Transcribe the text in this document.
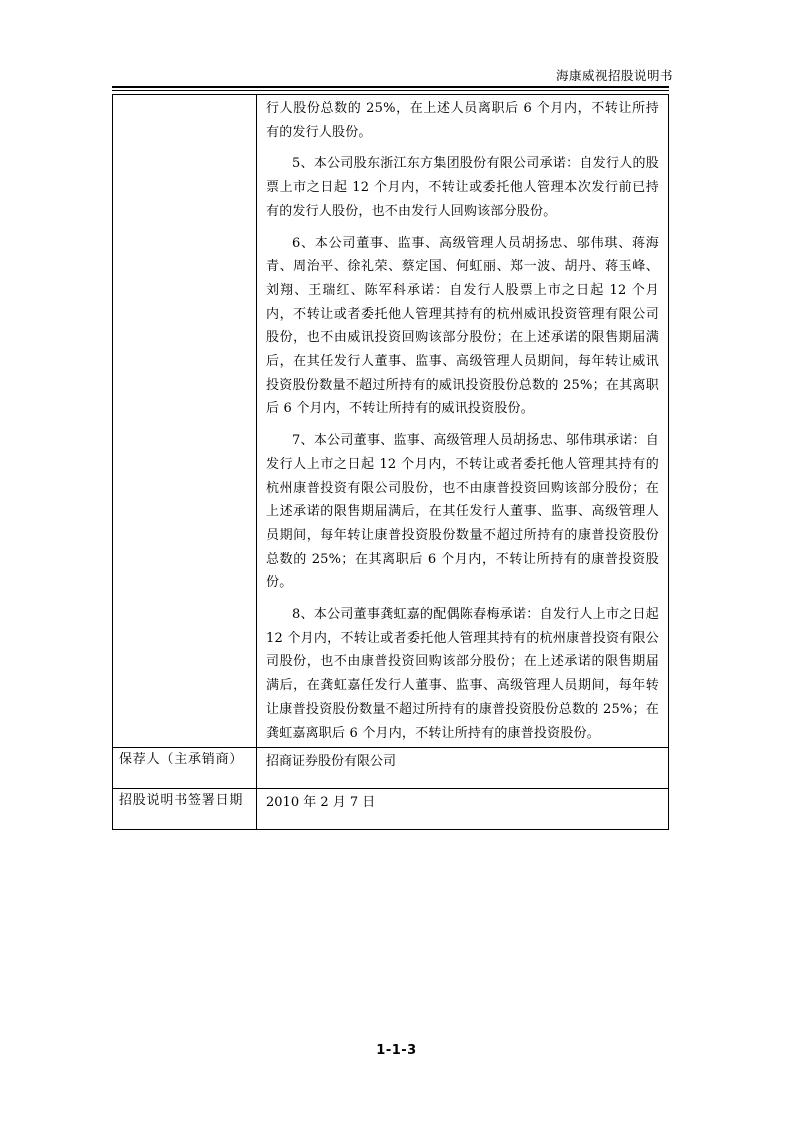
海康威视招股说明书

	行人股份总数的 25%，在上述人员离职后 6 个月内，不转让所持有的发行人股份。
5、本公司股东浙江东方集团股份有限公司承诺：自发行人的股票上市之日起 12 个月内，不转让或委托他人管理本次发行前已持有的发行人股份，也不由发行人回购该部分股份。
6、本公司董事、监事、高级管理人员胡扬忠、邬伟琪、蒋海青、周治平、徐礼荣、蔡定国、何虹丽、郑一波、胡丹、蒋玉峰、刘翔、王瑞红、陈军科承诺：自发行人股票上市之日起 12 个月内，不转让或者委托他人管理其持有的杭州威讯投资管理有限公司股份，也不由威讯投资回购该部分股份；在上述承诺的限售期届满后，在其任发行人董事、监事、高级管理人员期间，每年转让威讯投资股份数量不超过所持有的威讯投资股份总数的 25%；在其离职后 6 个月内，不转让所持有的威讯投资股份。
7、本公司董事、监事、高级管理人员胡扬忠、邬伟琪承诺：自发行人上市之日起 12 个月内，不转让或者委托他人管理其持有的杭州康普投资有限公司股份，也不由康普投资回购该部分股份；在上述承诺的限售期届满后，在其任发行人董事、监事、高级管理人员期间，每年转让康普投资股份数量不超过所持有的康普投资股份总数的 25%；在其离职后 6 个月内，不转让所持有的康普投资股份。
8、本公司董事龚虹嘉的配偶陈春梅承诺：自发行人上市之日起 12 个月内，不转让或者委托他人管理其持有的杭州康普投资有限公司股份，也不由康普投资回购该部分股份；在上述承诺的限售期届满后，在龚虹嘉任发行人董事、监事、高级管理人员期间，每年转让康普投资股份数量不超过所持有的康普投资股份总数的 25%；在龚虹嘉离职后 6 个月内，不转让所持有的康普投资股份。

保荐人（主承销商）	招商证券股份有限公司
招股说明书签署日期	2010 年 2 月 7 日
1-1-3
